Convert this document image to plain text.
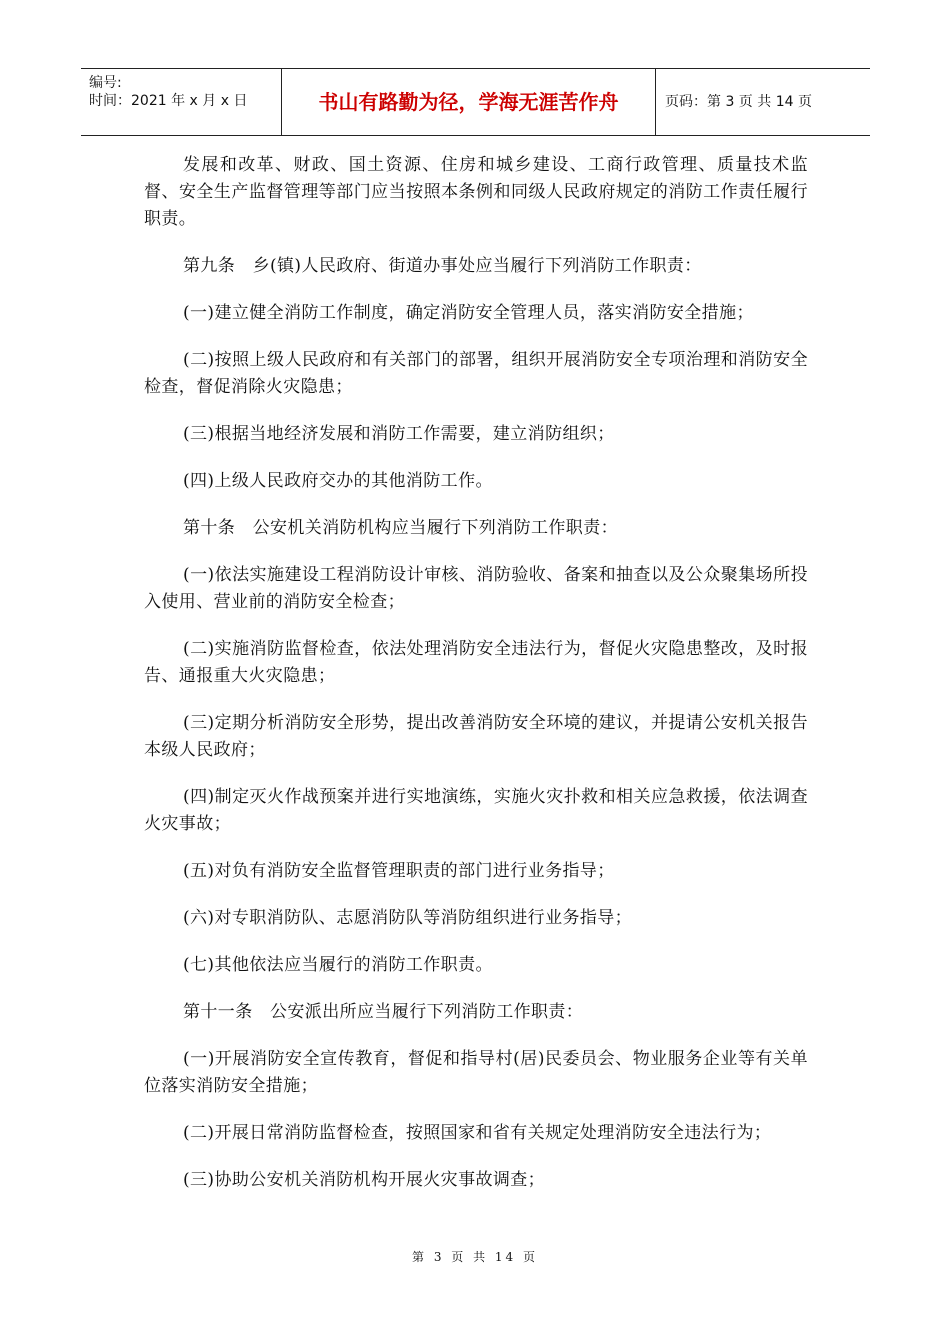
编号:
时间：2021 年 x 月 x 日	书山有路勤为径，学海无涯苦作舟	页码：第 3 页 共 14 页

发展和改革、财政、国土资源、住房和城乡建设、工商行政管理、质量技术监督、安全生产监督管理等部门应当按照本条例和同级人民政府规定的消防工作责任履行职责。

第九条　乡(镇)人民政府、街道办事处应当履行下列消防工作职责：

(一)建立健全消防工作制度，确定消防安全管理人员，落实消防安全措施；

(二)按照上级人民政府和有关部门的部署，组织开展消防安全专项治理和消防安全检查，督促消除火灾隐患；

(三)根据当地经济发展和消防工作需要，建立消防组织；

(四)上级人民政府交办的其他消防工作。

第十条　公安机关消防机构应当履行下列消防工作职责：

(一)依法实施建设工程消防设计审核、消防验收、备案和抽查以及公众聚集场所投入使用、营业前的消防安全检查；

(二)实施消防监督检查，依法处理消防安全违法行为，督促火灾隐患整改，及时报告、通报重大火灾隐患；

(三)定期分析消防安全形势，提出改善消防安全环境的建议，并提请公安机关报告本级人民政府；

(四)制定灭火作战预案并进行实地演练，实施火灾扑救和相关应急救援，依法调查火灾事故；

(五)对负有消防安全监督管理职责的部门进行业务指导；

(六)对专职消防队、志愿消防队等消防组织进行业务指导；

(七)其他依法应当履行的消防工作职责。

第十一条　公安派出所应当履行下列消防工作职责：

(一)开展消防安全宣传教育，督促和指导村(居)民委员会、物业服务企业等有关单位落实消防安全措施；

(二)开展日常消防监督检查，按照国家和省有关规定处理消防安全违法行为；

(三)协助公安机关消防机构开展火灾事故调查；

第 3 页 共 14 页
